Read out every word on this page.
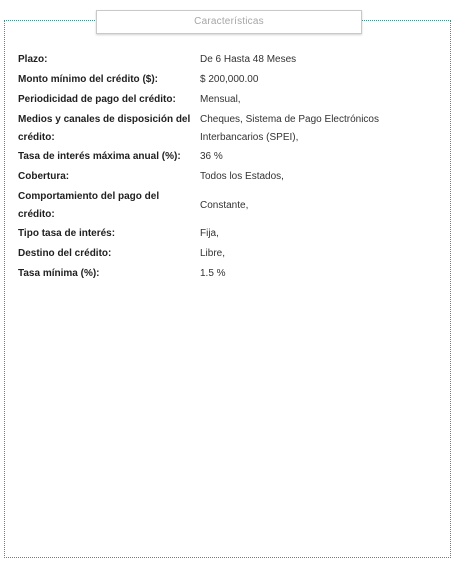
Características
Plazo:	De 6 Hasta 48 Meses
Monto mínimo del crédito ($):	$ 200,000.00
Periodicidad de pago del crédito:	Mensual,
Medios y canales de disposición del crédito:	Cheques, Sistema de Pago Electrónicos Interbancarios (SPEI),
Tasa de interés máxima anual (%):	36 %
Cobertura:	Todos los Estados,
Comportamiento del pago del crédito:	Constante,
Tipo tasa de interés:	Fija,
Destino del crédito:	Libre,
Tasa mínima (%):	1.5 %
